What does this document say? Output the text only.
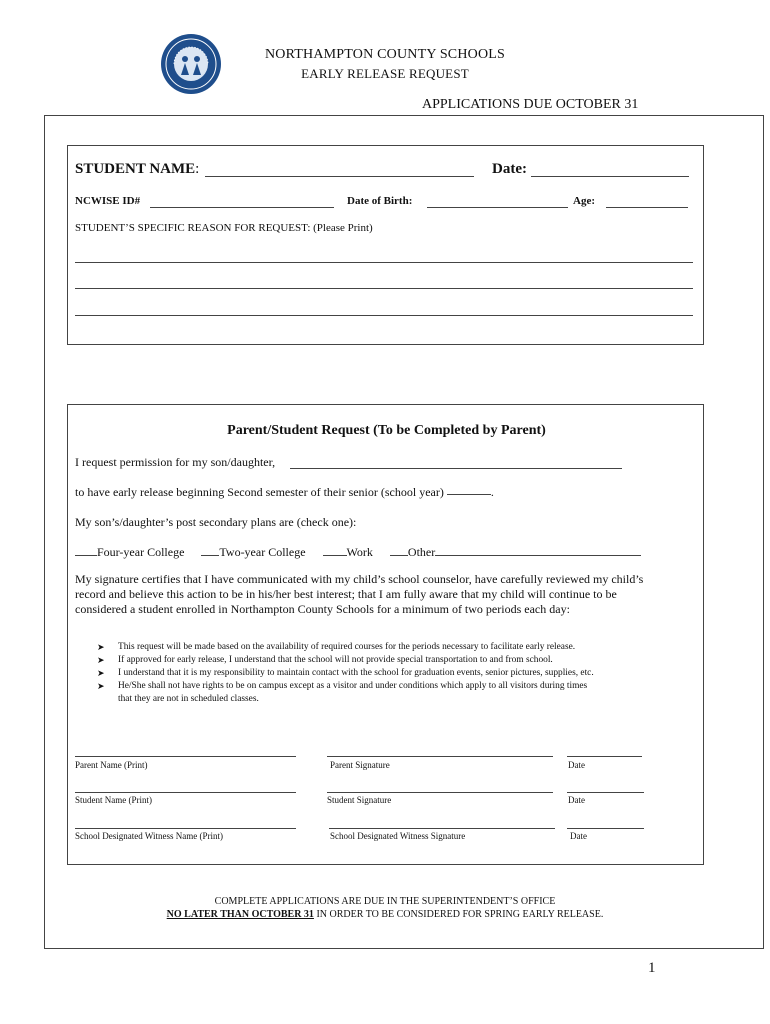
NORTHAMPTON COUNTY SCHOOLS
EARLY RELEASE REQUEST
APPLICATIONS DUE OCTOBER 31
STUDENT NAME:	Date:
NCWISE ID#	Date of Birth:	Age:
STUDENT’S SPECIFIC REASON FOR REQUEST: (Please Print)
Parent/Student Request (To be Completed by Parent)
I request permission for my son/daughter,
to have early release beginning Second semester of their senior (school year)	.
My son’s/daughter’s post secondary plans are (check one):
Four-year College	Two-year College	Work	Other
My signature certifies that I have communicated with my child’s school counselor, have carefully reviewed my child’s
record and believe this action to be in his/her best interest; that I am fully aware that my child will continue to be
considered a student enrolled in Northampton County Schools for a minimum of two periods each day:
➤ This request will be made based on the availability of required courses for the periods necessary to facilitate early release.
➤ If approved for early release, I understand that the school will not provide special transportation to and from school.
➤ I understand that it is my responsibility to maintain contact with the school for graduation events, senior pictures, supplies, etc.
➤ He/She shall not have rights to be on campus except as a visitor and under conditions which apply to all visitors during times
that they are not in scheduled classes.
Parent Name (Print)	Parent Signature	Date
Student Name (Print)	Student Signature	Date
School Designated Witness Name (Print)	School Designated Witness Signature	Date
COMPLETE APPLICATIONS ARE DUE IN THE SUPERINTENDENT’S OFFICE
NO LATER THAN OCTOBER 31 IN ORDER TO BE CONSIDERED FOR SPRING EARLY RELEASE.
1
